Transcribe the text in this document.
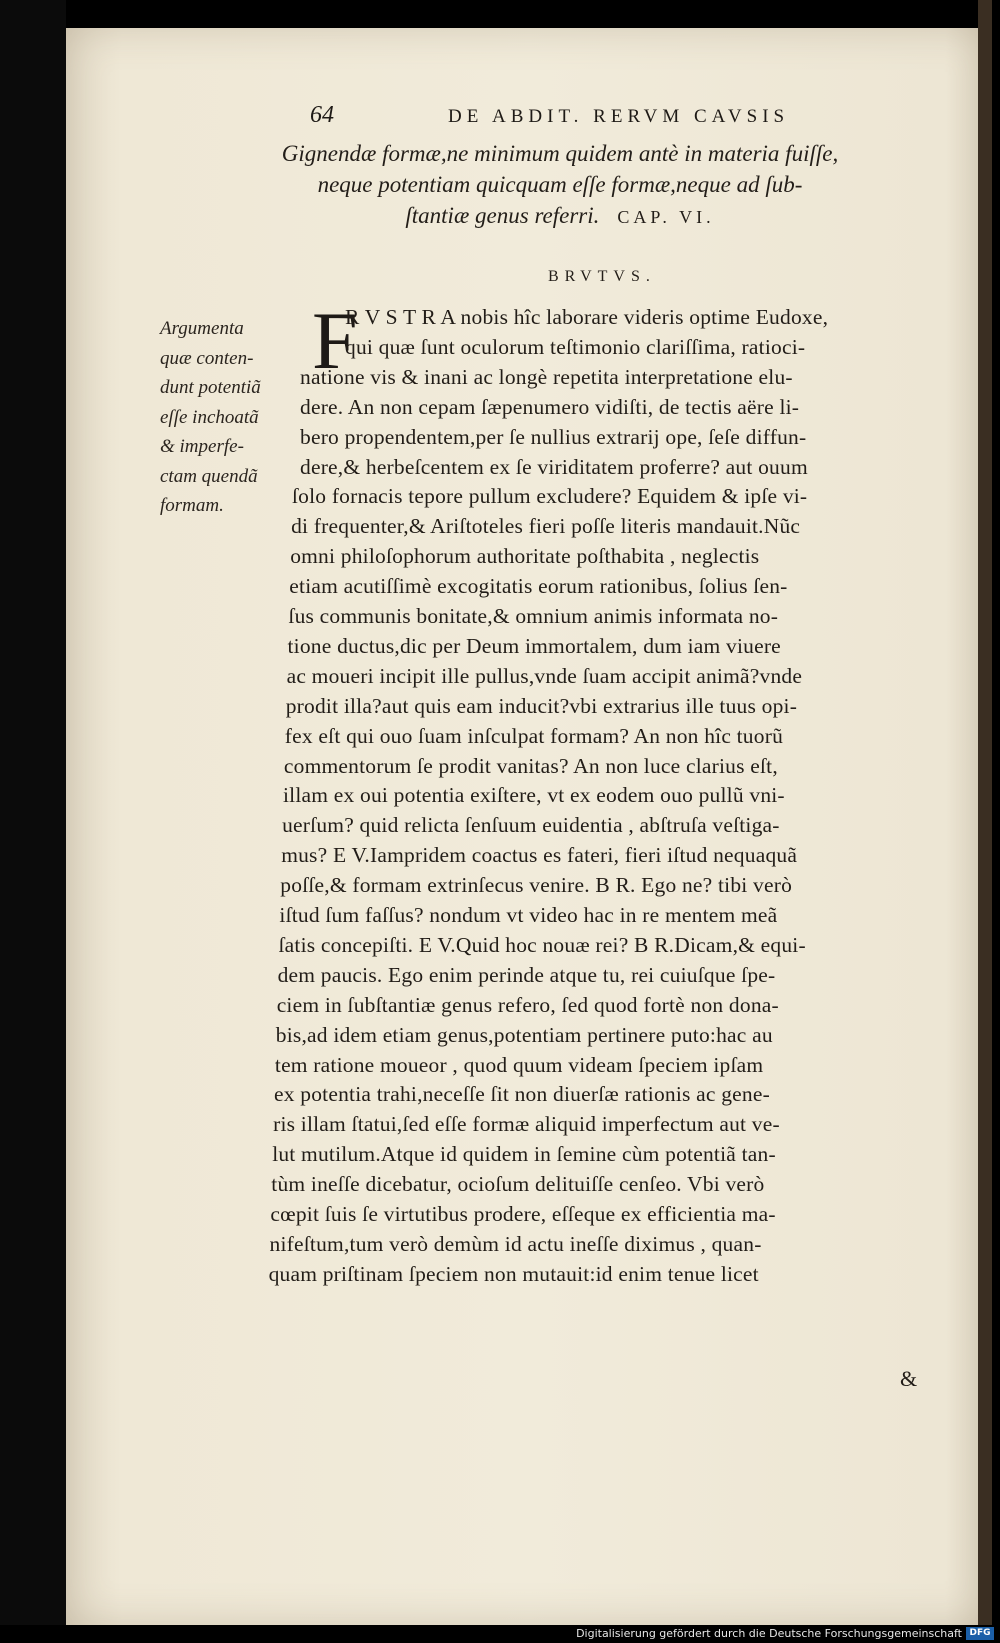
64	DE ABDIT. RERVM CAVSIS
Gignendæ formæ,ne minimum quidem antè in materia fuiſſe,
neque potentiam quicquam eſſe formæ,neque ad ſub-
ſtantiæ genus referri. CAP. VI.
BRVTVS.
Argumenta
quæ conten-
dunt potentiã
eſſe inchoatã
& imperfe-
ctam quendã
formam.
F
R V S T R A nobis hîc laborare videris optime Eudoxe,
qui quæ ſunt oculorum teſtimonio clariſſima, ratioci-
natione vis & inani ac longè repetita interpretatione elu-
dere. An non cepam ſæpenumero vidiſti, de tectis aëre li-
bero propendentem,per ſe nullius extrarij ope, ſeſe diffun-
dere,& herbeſcentem ex ſe viriditatem proferre? aut ouum
ſolo fornacis tepore pullum excludere? Equidem & ipſe vi-
di frequenter,& Ariſtoteles fieri poſſe literis mandauit.Nũc
omni philoſophorum authoritate poſthabita , neglectis
etiam acutiſſimè excogitatis eorum rationibus, ſolius ſen-
ſus communis bonitate,& omnium animis informata no-
tione ductus,dic per Deum immortalem, dum iam viuere
ac moueri incipit ille pullus,vnde ſuam accipit animã?vnde
prodit illa?aut quis eam inducit?vbi extrarius ille tuus opi-
fex eſt qui ouo ſuam inſculpat formam? An non hîc tuorũ
commentorum ſe prodit vanitas? An non luce clarius eſt,
illam ex oui potentia exiſtere, vt ex eodem ouo pullũ vni-
uerſum? quid relicta ſenſuum euidentia , abſtruſa veſtiga-
mus? E V.Iampridem coactus es fateri, fieri iſtud nequaquã
poſſe,& formam extrinſecus venire. B R. Ego ne? tibi verò
iſtud ſum faſſus? nondum vt video hac in re mentem meã
ſatis concepiſti. E V.Quid hoc nouæ rei? B R.Dicam,& equi-
dem paucis. Ego enim perinde atque tu, rei cuiuſque ſpe-
ciem in ſubſtantiæ genus refero, ſed quod fortè non dona-
bis,ad idem etiam genus,potentiam pertinere puto:hac au
tem ratione moueor , quod quum videam ſpeciem ipſam
ex potentia trahi,neceſſe ſit non diuerſæ rationis ac gene-
ris illam ſtatui,ſed eſſe formæ aliquid imperfectum aut ve-
lut mutilum.Atque id quidem in ſemine cùm potentiã tan-
tùm ineſſe dicebatur, ocioſum delituiſſe cenſeo. Vbi verò
cœpit ſuis ſe virtutibus prodere, eſſeque ex efficientia ma-
nifeſtum,tum verò demùm id actu ineſſe diximus , quan-
quam priſtinam ſpeciem non mutauit:id enim tenue licet
&
Digitalisierung gefördert durch die Deutsche Forschungsgemeinschaft DFG
